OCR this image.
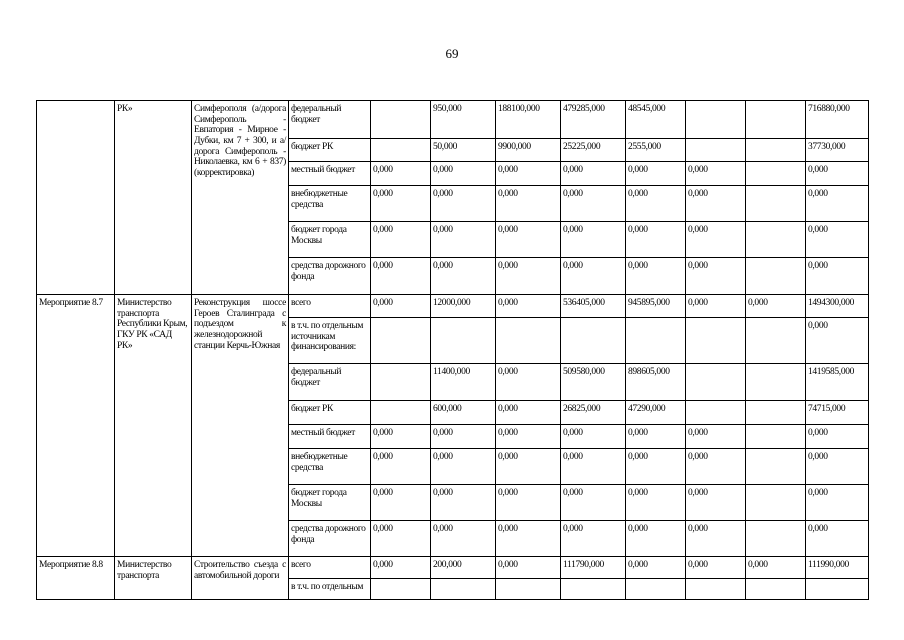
69
	РК»	Симферополя (а/дорога Симферополь - Евпатория - Мирное - Дубки, км 7 + 300, и а/дорога Симферополь - Николаевка, км 6 + 837) (корректировка)	федеральный бюджет		950,000	188100,000	479285,000	48545,000			716880,000
			бюджет РК		50,000	9900,000	25225,000	2555,000			37730,000
			местный бюджет	0,000	0,000	0,000	0,000	0,000	0,000		0,000
			внебюджетные средства	0,000	0,000	0,000	0,000	0,000	0,000		0,000
			бюджет города Москвы	0,000	0,000	0,000	0,000	0,000	0,000		0,000
			средства дорожного фонда	0,000	0,000	0,000	0,000	0,000	0,000		0,000
Мероприятие 8.7	Министерство транспорта Республики Крым, ГКУ РК «САД РК»	Реконструкция шоссе Героев Сталинграда с подъездом к железнодорожной станции Керчь-Южная	всего	0,000	12000,000	0,000	536405,000	945895,000	0,000	0,000	1494300,000
			в т.ч. по отдельным источникам финансирования:								0,000
			федеральный бюджет		11400,000	0,000	509580,000	898605,000			1419585,000
			бюджет РК		600,000	0,000	26825,000	47290,000			74715,000
			местный бюджет	0,000	0,000	0,000	0,000	0,000	0,000		0,000
			внебюджетные средства	0,000	0,000	0,000	0,000	0,000	0,000		0,000
			бюджет города Москвы	0,000	0,000	0,000	0,000	0,000	0,000		0,000
			средства дорожного фонда	0,000	0,000	0,000	0,000	0,000	0,000		0,000
Мероприятие 8.8	Министерство транспорта	Строительство съезда с автомобильной дороги	всего	0,000	200,000	0,000	111790,000	0,000	0,000	0,000	111990,000
			в т.ч. по отдельным								
